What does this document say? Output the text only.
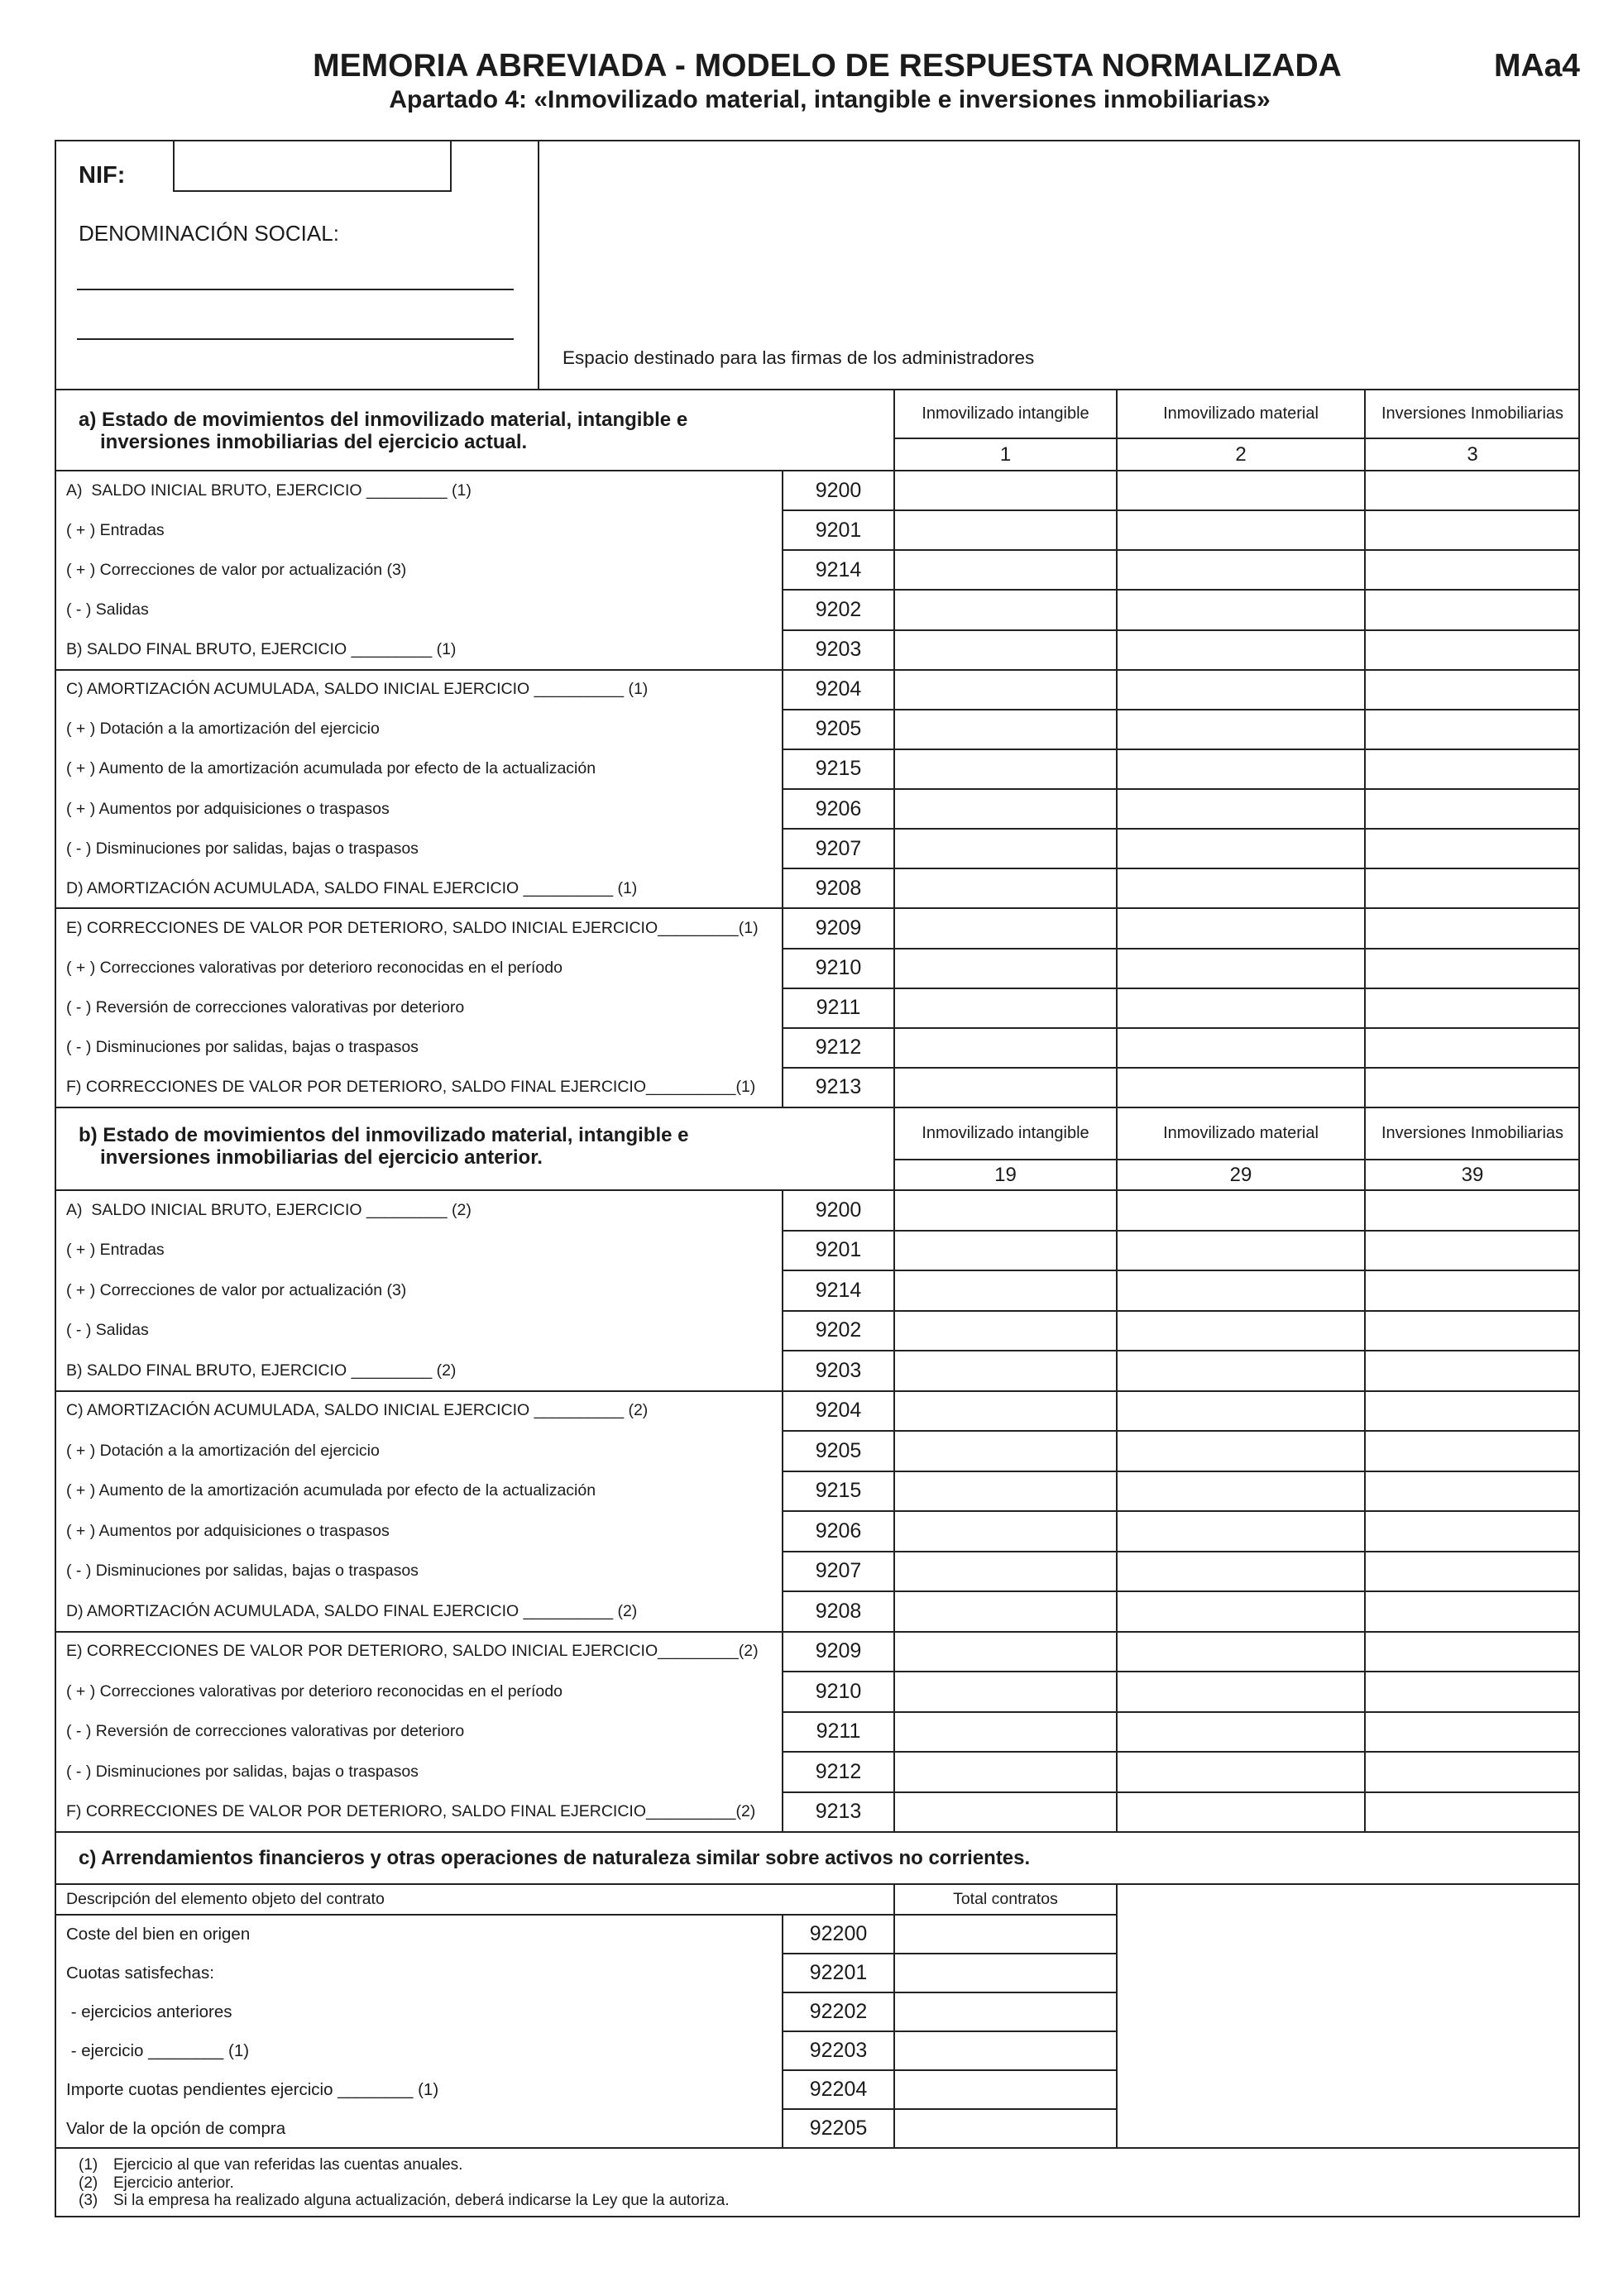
MEMORIA ABREVIADA - MODELO DE RESPUESTA NORMALIZADA	MAa4
Apartado 4: «Inmovilizado material, intangible e inversiones inmobiliarias»
NIF:
DENOMINACIÓN SOCIAL:
Espacio destinado para las firmas de los administradores
a) Estado de movimientos del inmovilizado material, intangible e
inversiones inmobiliarias del ejercicio actual.
Inmovilizado intangible
1
Inmovilizado material
2
Inversiones Inmobiliarias
3
A)  SALDO INICIAL BRUTO, EJERCICIO _________ (1)	9200
( + ) Entradas	9201
( + ) Correcciones de valor por actualización (3)	9214
( - ) Salidas	9202
B) SALDO FINAL BRUTO, EJERCICIO _________ (1)	9203
C) AMORTIZACIÓN ACUMULADA, SALDO INICIAL EJERCICIO __________ (1)	9204
( + ) Dotación a la amortización del ejercicio	9205
( + ) Aumento de la amortización acumulada por efecto de la actualización	9215
( + ) Aumentos por adquisiciones o traspasos	9206
( - ) Disminuciones por salidas, bajas o traspasos	9207
D) AMORTIZACIÓN ACUMULADA, SALDO FINAL EJERCICIO __________ (1)	9208
E) CORRECCIONES DE VALOR POR DETERIORO, SALDO INICIAL EJERCICIO_________(1)	9209
( + ) Correcciones valorativas por deterioro reconocidas en el período	9210
( - ) Reversión de correcciones valorativas por deterioro	9211
( - ) Disminuciones por salidas, bajas o traspasos	9212
F) CORRECCIONES DE VALOR POR DETERIORO, SALDO FINAL EJERCICIO__________(1)	9213
b) Estado de movimientos del inmovilizado material, intangible e
inversiones inmobiliarias del ejercicio anterior.
Inmovilizado intangible
19
Inmovilizado material
29
Inversiones Inmobiliarias
39
A)  SALDO INICIAL BRUTO, EJERCICIO _________ (2)	9200
( + ) Entradas	9201
( + ) Correcciones de valor por actualización (3)	9214
( - ) Salidas	9202
B) SALDO FINAL BRUTO, EJERCICIO _________ (2)	9203
C) AMORTIZACIÓN ACUMULADA, SALDO INICIAL EJERCICIO __________ (2)	9204
( + ) Dotación a la amortización del ejercicio	9205
( + ) Aumento de la amortización acumulada por efecto de la actualización	9215
( + ) Aumentos por adquisiciones o traspasos	9206
( - ) Disminuciones por salidas, bajas o traspasos	9207
D) AMORTIZACIÓN ACUMULADA, SALDO FINAL EJERCICIO __________ (2)	9208
E) CORRECCIONES DE VALOR POR DETERIORO, SALDO INICIAL EJERCICIO_________(2)	9209
( + ) Correcciones valorativas por deterioro reconocidas en el período	9210
( - ) Reversión de correcciones valorativas por deterioro	9211
( - ) Disminuciones por salidas, bajas o traspasos	9212
F) CORRECCIONES DE VALOR POR DETERIORO, SALDO FINAL EJERCICIO__________(2)	9213
c) Arrendamientos financieros y otras operaciones de naturaleza similar sobre activos no corrientes.
Descripción del elemento objeto del contrato	Total contratos
Coste del bien en origen	92200
Cuotas satisfechas:	92201
- ejercicios anteriores	92202
- ejercicio ________ (1)	92203
Importe cuotas pendientes ejercicio ________ (1)	92204
Valor de la opción de compra	92205
(1) Ejercicio al que van referidas las cuentas anuales.
(2) Ejercicio anterior.
(3) Si la empresa ha realizado alguna actualización, deberá indicarse la Ley que la autoriza.
